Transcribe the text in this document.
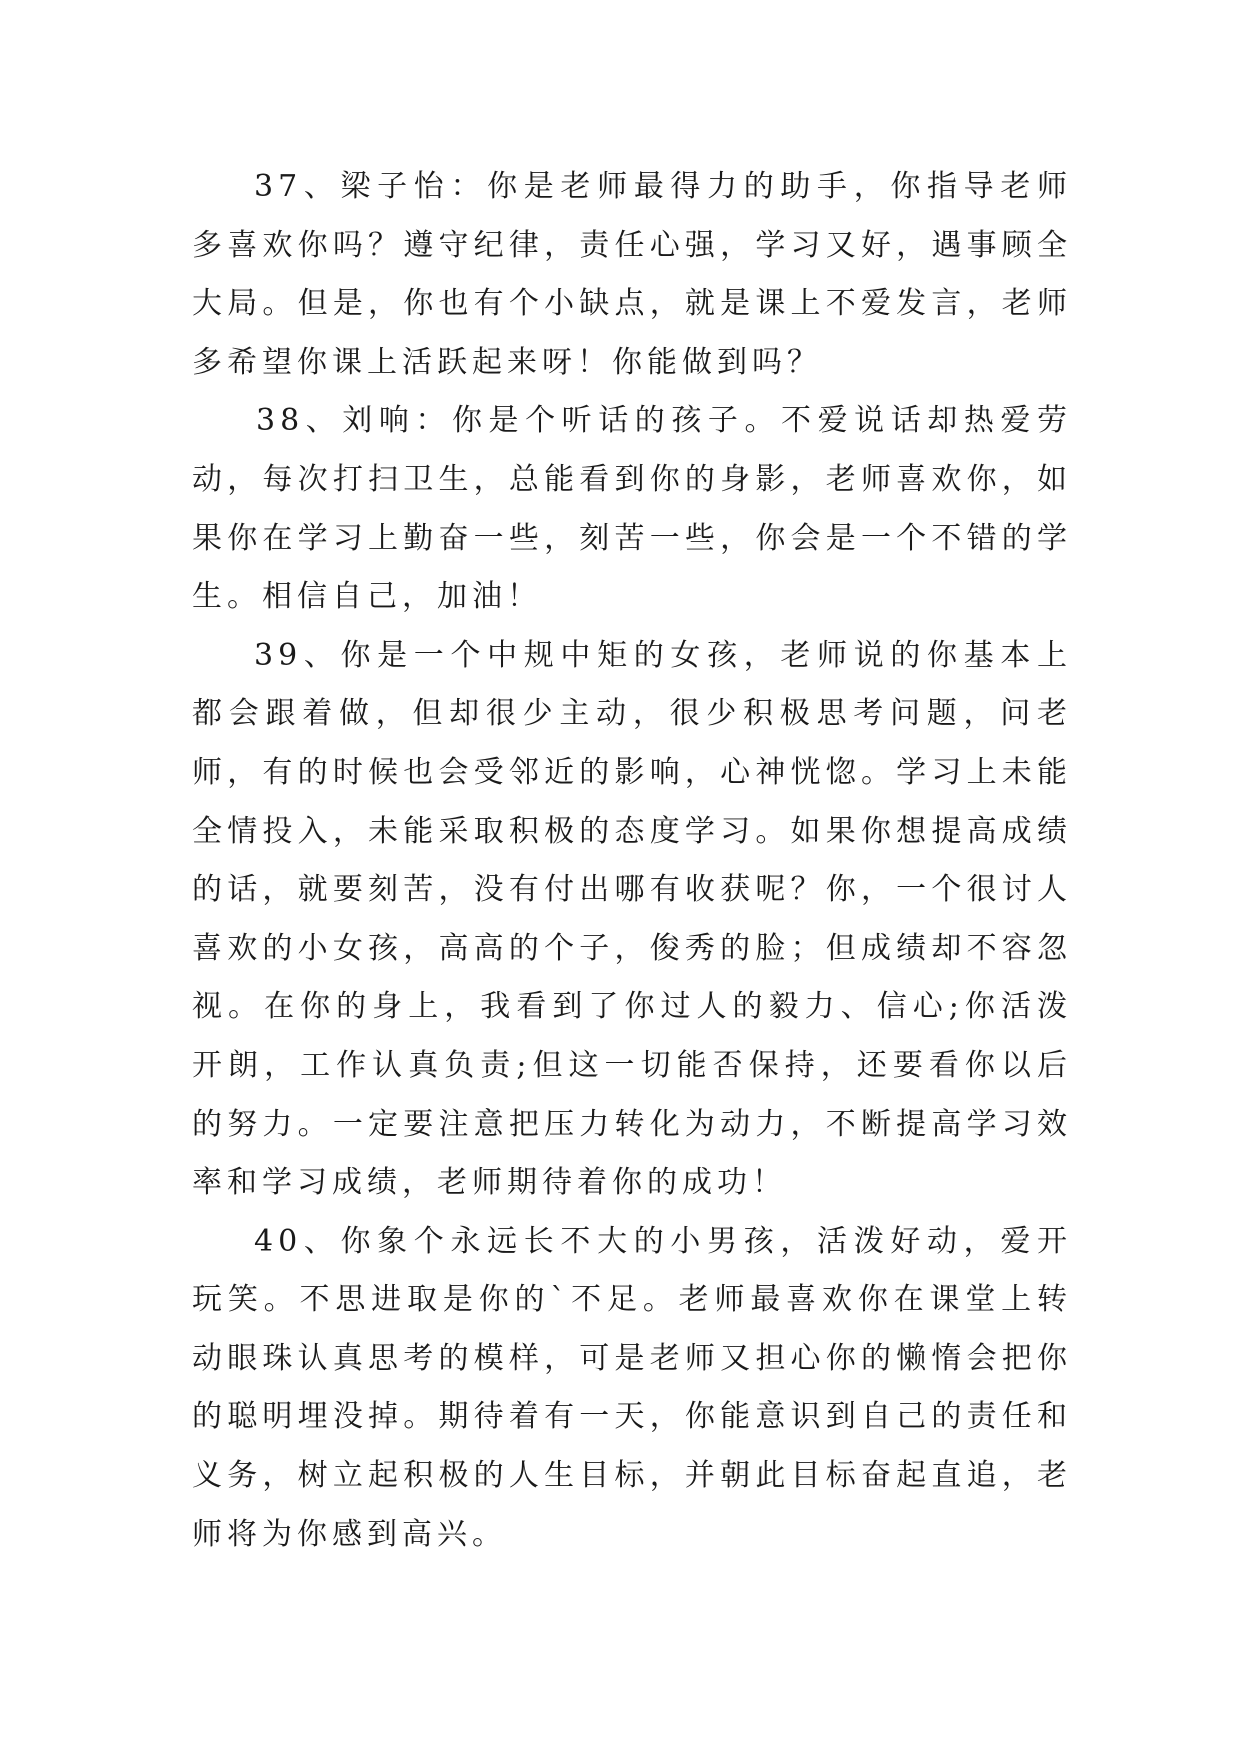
37、梁子怡：你是老师最得力的助手，你指导老师多喜欢你吗？遵守纪律，责任心强，学习又好，遇事顾全大局。但是，你也有个小缺点，就是课上不爱发言，老师多希望你课上活跃起来呀！你能做到吗？

38、刘响：你是个听话的孩子。不爱说话却热爱劳动，每次打扫卫生，总能看到你的身影，老师喜欢你，如果你在学习上勤奋一些，刻苦一些，你会是一个不错的学生。相信自己，加油！

39、你是一个中规中矩的女孩，老师说的你基本上都会跟着做，但却很少主动，很少积极思考问题，问老师，有的时候也会受邻近的影响，心神恍惚。学习上未能全情投入，未能采取积极的态度学习。如果你想提高成绩的话，就要刻苦，没有付出哪有收获呢？你，一个很讨人喜欢的小女孩，高高的个子，俊秀的脸；但成绩却不容忽视。在你的身上，我看到了你过人的毅力、信心;你活泼开朗，工作认真负责;但这一切能否保持，还要看你以后的努力。一定要注意把压力转化为动力，不断提高学习效率和学习成绩，老师期待着你的成功！

40、你象个永远长不大的小男孩，活泼好动，爱开玩笑。不思进取是你的`不足。老师最喜欢你在课堂上转动眼珠认真思考的模样，可是老师又担心你的懒惰会把你的聪明埋没掉。期待着有一天，你能意识到自己的责任和义务，树立起积极的人生目标，并朝此目标奋起直追，老师将为你感到高兴。
